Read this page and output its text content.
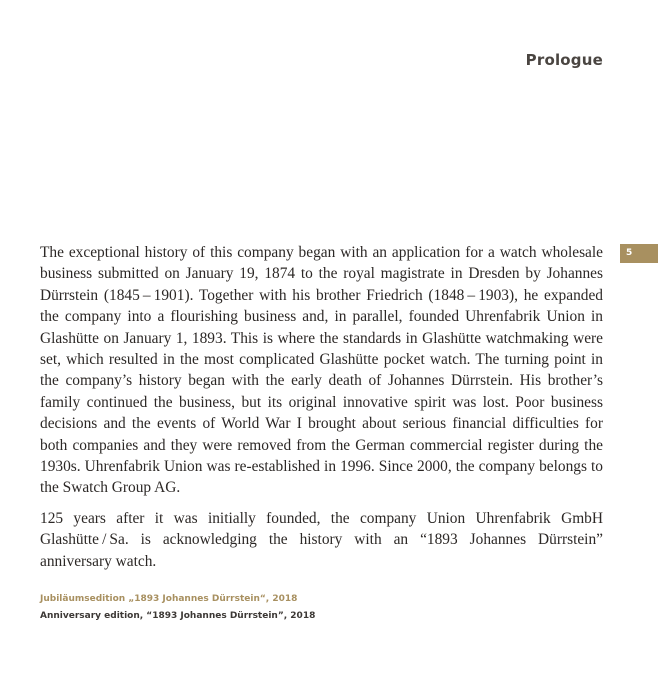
Prologue
5

The exceptional history of this company began with an application for a watch wholesale business submitted on January 19, 1874 to the royal magistrate in Dresden by Johannes Dürrstein (1845 – 1901). Together with his brother Friedrich (1848 – 1903), he expanded the company into a flourishing business and, in parallel, founded Uhrenfabrik Union in Glashütte on January 1, 1893. This is where the standards in Glashütte watchmaking were set, which resulted in the most complicated Glashütte pocket watch. The turning point in the company’s history began with the early death of Johannes Dürrstein. His brother’s family continued the business, but its original innovative spirit was lost. Poor business decisions and the events of World War I brought about serious financial difficulties for both companies and they were removed from the German commercial register during the 1930s. Uhrenfabrik Union was re-established in 1996. Since 2000, the company belongs to the Swatch Group AG.

125 years after it was initially founded, the company Union Uhrenfabrik GmbH Glashütte / Sa. is acknowledging the history with an “1893 Johannes Dürrstein” anniversary watch.

Jubiläumsedition „1893 Johannes Dürrstein“, 2018
Anniversary edition, “1893 Johannes Dürrstein”, 2018
